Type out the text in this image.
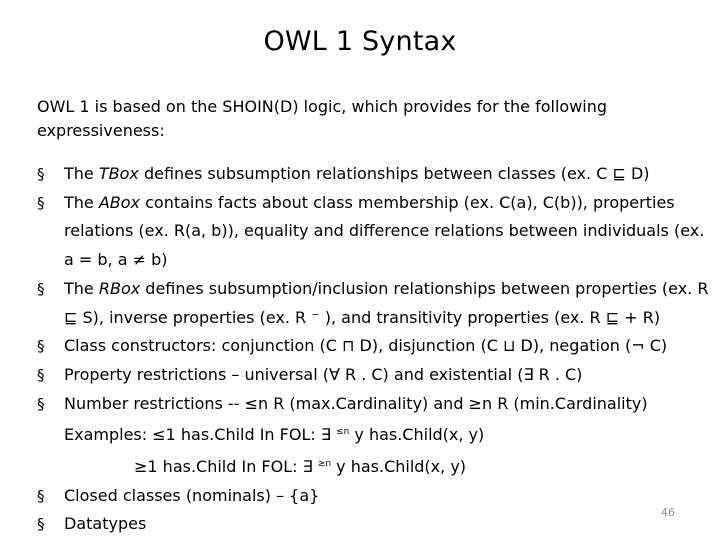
OWL 1 Syntax
OWL 1 is based on the SHOIN(D) logic, which provides for the following expressiveness:
§ The TBox defines subsumption relationships between classes (ex. C ⊑ D)
§ The ABox contains facts about class membership (ex. C(a), C(b)), properties relations (ex. R(a, b)), equality and difference relations between individuals (ex. a = b, a ≠ b)
§ The RBox defines subsumption/inclusion relationships between properties (ex. R ⊑ S), inverse properties (ex. R ⁻ ), and transitivity properties (ex. R ⊑ + R)
§ Class constructors: conjunction (C ⊓ D), disjunction (C ⊔ D), negation (¬ C)
§ Property restrictions – universal (∀ R . C) and existential (∃ R . C)
§ Number restrictions -- ≤n R (max.Cardinality) and ≥n R (min.Cardinality)
Examples: ≤1 has.Child In FOL: ∃ $^{\le n}$ y has.Child(x, y)
≥1 has.Child In FOL: ∃ $^{\ge n}$ y has.Child(x, y)
§ Closed classes (nominals) – {a}
§ Datatypes
46
